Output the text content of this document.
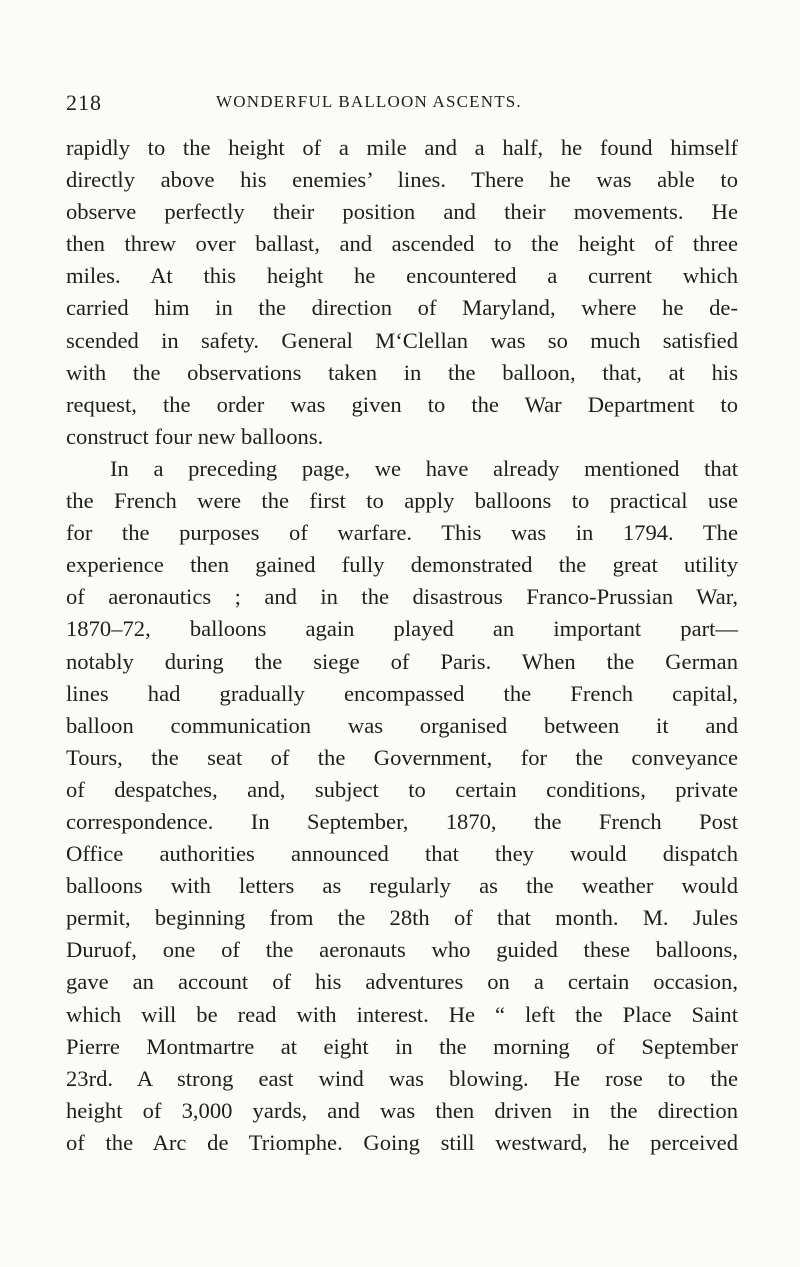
218	WONDERFUL BALLOON ASCENTS.
rapidly to the height of a mile and a half, he found himself
directly above his enemies’ lines. There he was able to
observe perfectly their position and their movements. He
then threw over ballast, and ascended to the height of three
miles. At this height he encountered a current which
carried him in the direction of Maryland, where he de-
scended in safety. General M‘Clellan was so much satisfied
with the observations taken in the balloon, that, at his
request, the order was given to the War Department to
construct four new balloons.
In a preceding page, we have already mentioned that
the French were the first to apply balloons to practical use
for the purposes of warfare. This was in 1794. The
experience then gained fully demonstrated the great utility
of aeronautics ; and in the disastrous Franco-Prussian War,
1870–72, balloons again played an important part—
notably during the siege of Paris. When the German
lines had gradually encompassed the French capital,
balloon communication was organised between it and
Tours, the seat of the Government, for the conveyance
of despatches, and, subject to certain conditions, private
correspondence. In September, 1870, the French Post
Office authorities announced that they would dispatch
balloons with letters as regularly as the weather would
permit, beginning from the 28th of that month. M. Jules
Duruof, one of the aeronauts who guided these balloons,
gave an account of his adventures on a certain occasion,
which will be read with interest. He “ left the Place Saint
Pierre Montmartre at eight in the morning of September
23rd. A strong east wind was blowing. He rose to the
height of 3,000 yards, and was then driven in the direction
of the Arc de Triomphe. Going still westward, he perceived
